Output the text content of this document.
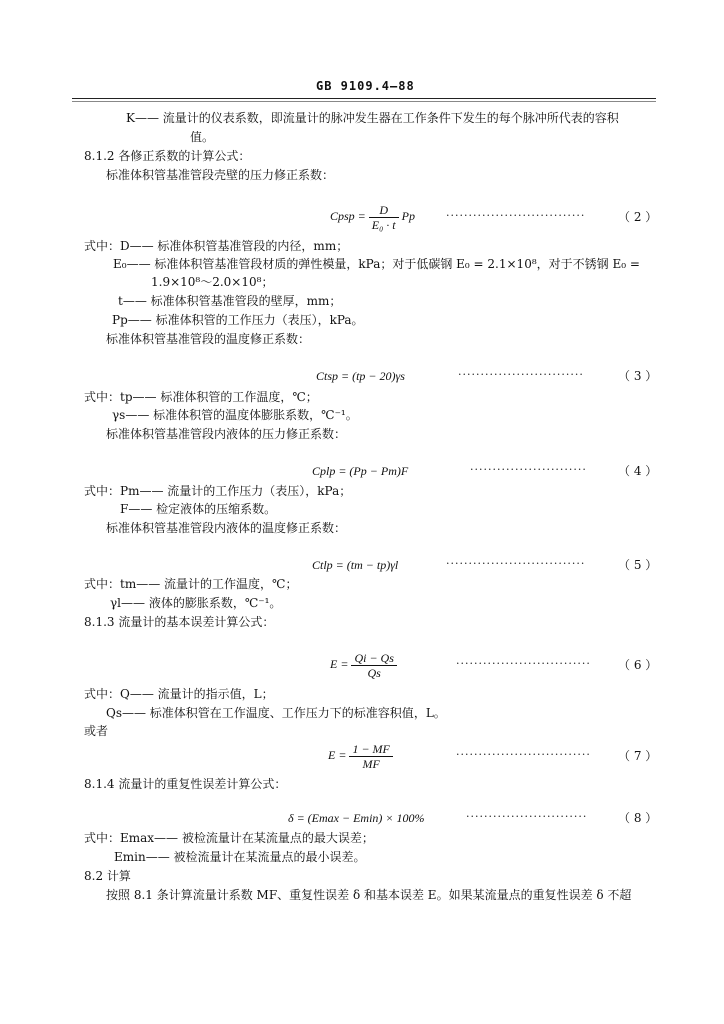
GB 9109.4—88
K—— 流量计的仪表系数，即流量计的脉冲发生器在工作条件下发生的每个脉冲所代表的容积
值。
8.1.2 各修正系数的计算公式：
标准体积管基准管段壳壁的压力修正系数：
Cpsp = $\frac{D}{\text{E₀ · t}}$ Pp	·······························	（ 2 ）
式中：D—— 标准体积管基准管段的内径，mm；
E₀—— 标准体积管基准管段材质的弹性模量，kPa；对于低碳钢 E₀ = 2.1×10⁸，对于不锈钢 E₀ =
1.9×10⁸～2.0×10⁸；
t—— 标准体积管基准管段的壁厚，mm；
Pp—— 标准体积管的工作压力（表压），kPa。
标准体积管基准管段的温度修正系数：
Ctsp = (tp − 20)γs	····························	（ 3 ）
式中：tp—— 标准体积管的工作温度，℃；
γs—— 标准体积管的温度体膨胀系数，℃⁻¹。
标准体积管基准管段内液体的压力修正系数：
Cplp = (Pp − Pm)F	··························	（ 4 ）
式中：Pm—— 流量计的工作压力（表压），kPa；
F—— 检定液体的压缩系数。
标准体积管基准管段内液体的温度修正系数：
Ctlp = (tm − tp)γl	·······························	（ 5 ）
式中：tm—— 流量计的工作温度，℃；
γl—— 液体的膨胀系数，℃⁻¹。
8.1.3 流量计的基本误差计算公式：
$E = \frac{Qi - Qs}{Qs}$	······························ （ 6 ）
式中：Q—— 流量计的指示值，L；
Qs—— 标准体积管在工作温度、工作压力下的标准容积值，L。
或者
$E = \frac{1 - MF}{MF}$	······························ （ 7 ）
8.1.4 流量计的重复性误差计算公式：
δ = (Emax − Emin) × 100%	···························	（ 8 ）
式中：Emax—— 被检流量计在某流量点的最大误差；
Emin—— 被检流量计在某流量点的最小误差。
8.2 计算
按照 8.1 条计算流量计系数 MF、重复性误差 δ 和基本误差 E。如果某流量点的重复性误差 δ 不超
